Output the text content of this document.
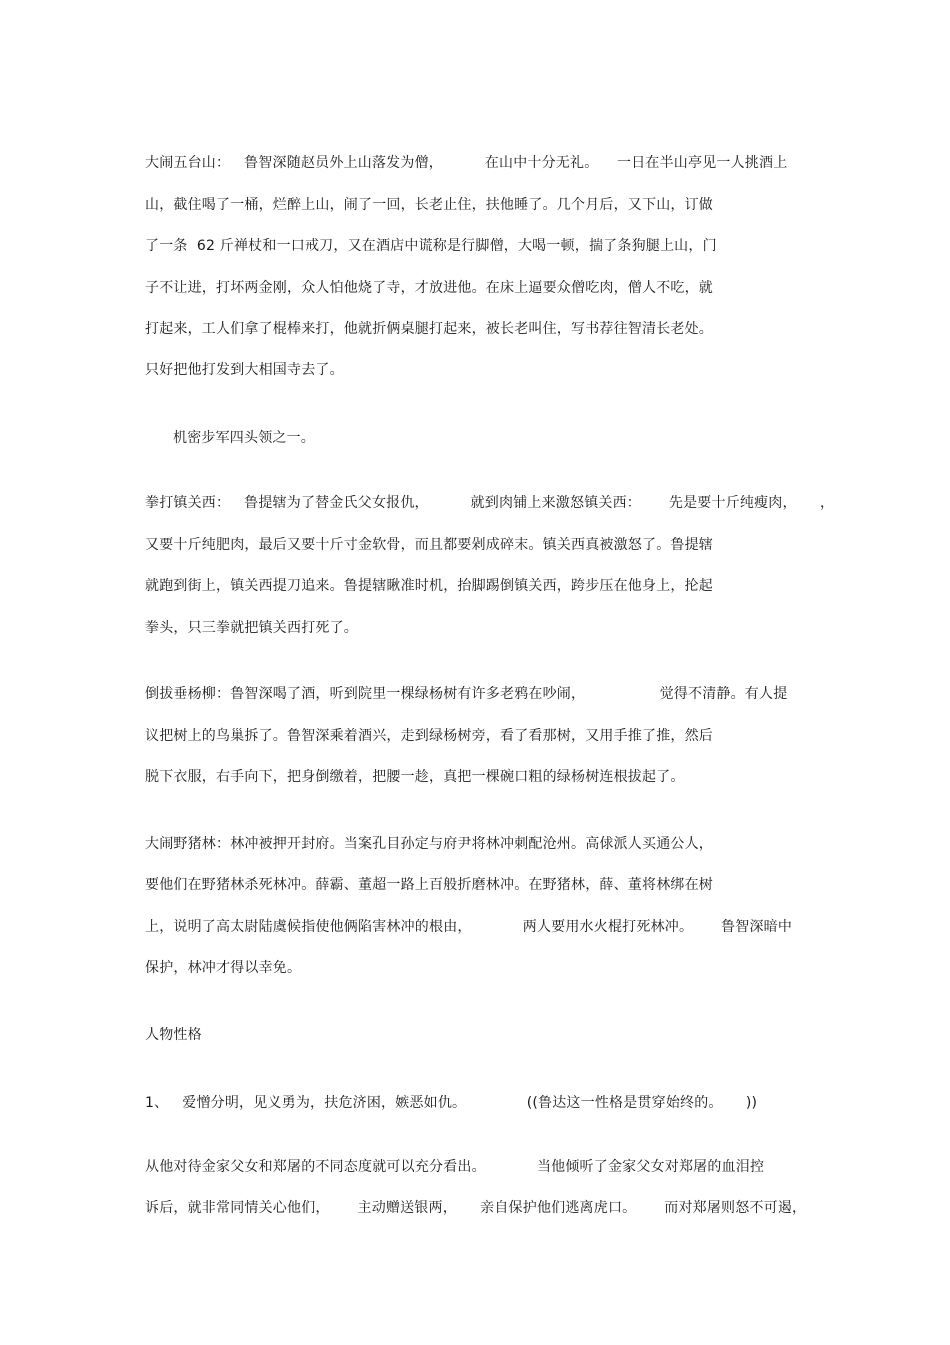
大闹五台山：   鲁智深随赵员外上山落发为僧，         在山中十分无礼。    一日在半山亭见一人挑酒上
山，截住喝了一桶，烂醉上山，闹了一回，长老止住，扶他睡了。几个月后，又下山，订做
了一条  62 斤禅杖和一口戒刀，又在酒店中谎称是行脚僧，大喝一顿，揣了条狗腿上山，门
子不让进，打坏两金刚，众人怕他烧了寺，才放进他。在床上逼要众僧吃肉，僧人不吃，就
打起来，工人们拿了棍棒来打，他就折俩桌腿打起来，被长老叫住，写书荐往智清长老处。
只好把他打发到大相国寺去了。
机密步军四头领之一。
拳打镇关西：   鲁提辖为了替金氏父女报仇，         就到肉铺上来激怒镇关西：      先是要十斤纯瘦肉，     ，
又要十斤纯肥肉，最后又要十斤寸金软骨，而且都要剁成碎末。镇关西真被激怒了。鲁提辖
就跑到街上，镇关西提刀追来。鲁提辖瞅准时机，抬脚踢倒镇关西，跨步压在他身上，抡起
拳头，只三拳就把镇关西打死了。
倒拔垂杨柳：鲁智深喝了酒，听到院里一棵绿杨树有许多老鸦在吵闹，                觉得不清静。有人提
议把树上的鸟巢拆了。鲁智深乘着酒兴，走到绿杨树旁，看了看那树，又用手推了推，然后
脱下衣服，右手向下，把身倒缴着，把腰一趁，真把一棵碗口粗的绿杨树连根拔起了。
大闹野猪林：林冲被押开封府。当案孔目孙定与府尹将林冲刺配沧州。高俅派人买通公人，
要他们在野猪林杀死林冲。薛霸、董超一路上百般折磨林冲。在野猪林，薛、董将林绑在树
上，说明了高太尉陆虞候指使他俩陷害林冲的根由，           两人要用水火棍打死林冲。      鲁智深暗中
保护，林冲才得以幸免。
人物性格
1、   爱憎分明，见义勇为，扶危济困，嫉恶如仇。             ((鲁达这一性格是贯穿始终的。     ))
从他对待金家父女和郑屠的不同态度就可以充分看出。           当他倾听了金家父女对郑屠的血泪控
诉后，就非常同情关心他们，      主动赠送银两，     亲自保护他们逃离虎口。      而对郑屠则怒不可遏，
